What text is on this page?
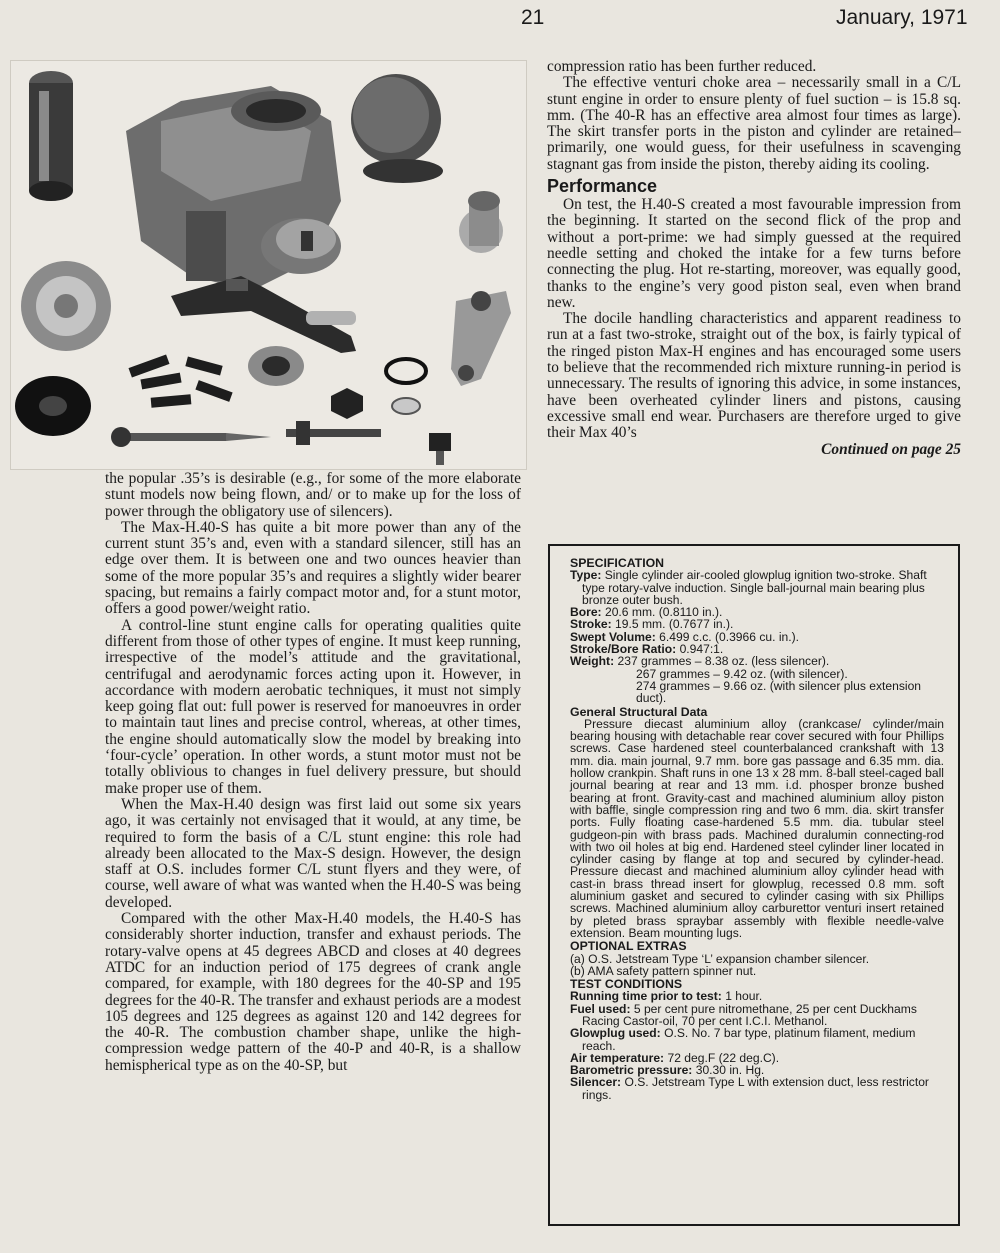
21	January, 1971

the popular .35’s is desirable (e.g., for some of the more elaborate stunt models now being flown, and/ or to make up for the loss of power through the obligatory use of silencers).

The Max-H.40-S has quite a bit more power than any of the current stunt 35’s and, even with a standard silencer, still has an edge over them. It is between one and two ounces heavier than some of the more popular 35’s and requires a slightly wider bearer spacing, but remains a fairly compact motor and, for a stunt motor, offers a good power/weight ratio.

A control-line stunt engine calls for operating qualities quite different from those of other types of engine. It must keep running, irrespective of the model’s attitude and the gravitational, centrifugal and aerodynamic forces acting upon it. However, in accordance with modern aerobatic techniques, it must not simply keep going flat out: full power is reserved for manoeuvres in order to maintain taut lines and precise control, whereas, at other times, the engine should automatically slow the model by breaking into ‘four-cycle’ operation. In other words, a stunt motor must not be totally oblivious to changes in fuel delivery pressure, but should make proper use of them.

When the Max-H.40 design was first laid out some six years ago, it was certainly not envisaged that it would, at any time, be required to form the basis of a C/L stunt engine: this role had already been allocated to the Max-S design. However, the design staff at O.S. includes former C/L stunt flyers and they were, of course, well aware of what was wanted when the H.40-S was being developed.

Compared with the other Max-H.40 models, the H.40-S has considerably shorter induction, transfer and exhaust periods. The rotary-valve opens at 45 degrees ABCD and closes at 40 degrees ATDC for an induction period of 175 degrees of crank angle compared, for example, with 180 degrees for the 40-SP and 195 degrees for the 40-R. The transfer and exhaust periods are a modest 105 degrees and 125 degrees as against 120 and 142 degrees for the 40-R. The combustion chamber shape, unlike the high-compression wedge pattern of the 40-P and 40-R, is a shallow hemispherical type as on the 40-SP, but

compression ratio has been further reduced.

The effective venturi choke area – necessarily small in a C/L stunt engine in order to ensure plenty of fuel suction – is 15.8 sq. mm. (The 40-R has an effective area almost four times as large). The skirt transfer ports in the piston and cylinder are retained–primarily, one would guess, for their usefulness in scavenging stagnant gas from inside the piston, thereby aiding its cooling.

Performance

On test, the H.40-S created a most favourable impression from the beginning. It started on the second flick of the prop and without a port-prime: we had simply guessed at the required needle setting and choked the intake for a few turns before connecting the plug. Hot re-starting, moreover, was equally good, thanks to the engine’s very good piston seal, even when brand new.

The docile handling characteristics and apparent readiness to run at a fast two-stroke, straight out of the box, is fairly typical of the ringed piston Max-H engines and has encouraged some users to believe that the recommended rich mixture running-in period is unnecessary. The results of ignoring this advice, in some instances, have been overheated cylinder liners and pistons, causing excessive small end wear. Purchasers are therefore urged to give their Max 40’s

Continued on page 25
SPECIFICATION

Type: Single cylinder air-cooled glowplug ignition two-stroke. Shaft type rotary-valve induction. Single ball-journal main bearing plus bronze outer bush.

Bore: 20.6 mm. (0.8110 in.).

Stroke: 19.5 mm. (0.7677 in.).

Swept Volume: 6.499 c.c. (0.3966 cu. in.).

Stroke/Bore Ratio: 0.947:1.

Weight: 237 grammes – 8.38 oz. (less silencer).

267 grammes – 9.42 oz. (with silencer).

274 grammes – 9.66 oz. (with silencer plus extension duct).

General Structural Data

Pressure diecast aluminium alloy (crankcase/ cylinder/main bearing housing with detachable rear cover secured with four Phillips screws. Case hardened steel counterbalanced crankshaft with 13 mm. dia. main journal, 9.7 mm. bore gas passage and 6.35 mm. dia. hollow crankpin. Shaft runs in one 13 x 28 mm. 8-ball steel-caged ball journal bearing at rear and 13 mm. i.d. phosper bronze bushed bearing at front. Gravity-cast and machined aluminium alloy piston with baffle, single compression ring and two 6 mm. dia. skirt transfer ports. Fully floating case-hardened 5.5 mm. dia. tubular steel gudgeon-pin with brass pads. Machined duralumin connecting-rod with two oil holes at big end. Hardened steel cylinder liner located in cylinder casing by flange at top and secured by cylinder-head. Pressure diecast and machined aluminium alloy cylinder head with cast-in brass thread insert for glowplug, recessed 0.8 mm. soft aluminium gasket and secured to cylinder casing with six Phillips screws. Machined aluminium alloy carburettor venturi insert retained by pleted brass spraybar assembly with flexible needle-valve extension. Beam mounting lugs.

OPTIONAL EXTRAS

(a) O.S. Jetstream Type ‘L’ expansion chamber silencer.

(b) AMA safety pattern spinner nut.

TEST CONDITIONS

Running time prior to test: 1 hour.

Fuel used: 5 per cent pure nitromethane, 25 per cent Duckhams Racing Castor-oil, 70 per cent I.C.I. Methanol.

Glowplug used: O.S. No. 7 bar type, platinum filament, medium reach.

Air temperature: 72 deg.F (22 deg.C).

Barometric pressure: 30.30 in. Hg.

Silencer: O.S. Jetstream Type L with extension duct, less restrictor rings.
